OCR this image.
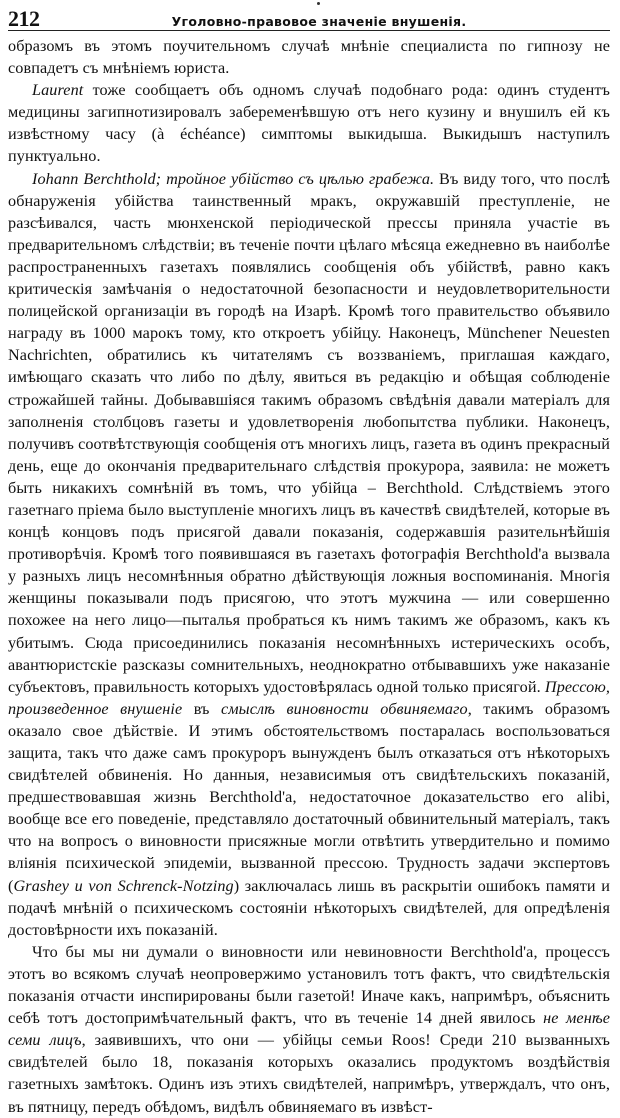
212	Уголовно-правовое значеніе внушенія.

образомъ въ этомъ поучительномъ случаѣ мнѣніе специалиста по гипнозу не совпадетъ съ мнѣніемъ юриста.

Laurent тоже сообщаетъ объ одномъ случаѣ подобнаго рода: одинъ студентъ медицины загипнотизировалъ забеременѣвшую отъ него кузину и внушилъ ей къ извѣстному часу (à échéance) симптомы выкидыша. Выкидышъ наступилъ пунктуально.

Iohann Berchthold; тройное убійство съ цѣлью грабежа. Въ виду того, что послѣ обнаруженія убійства таинственный мракъ, окружавшій преступленіе, не разсѣивался, часть мюнхенской періодической прессы приняла участіе въ предварительномъ слѣдствіи; въ теченіе почти цѣлаго мѣсяца ежедневно въ наиболѣе распространенныхъ газетахъ появлялись сообщенія объ убійствѣ, равно какъ критическія замѣчанія о недостаточной безопасности и неудовлетворительности полицейской организаціи въ городѣ на Изарѣ. Кромѣ того правительство объявило награду въ 1000 марокъ тому, кто откроетъ убійцу. Наконецъ, Münchener Neuesten Nachrichten, обратились къ читателямъ съ воззваніемъ, приглашая каждаго, имѣющаго сказать что либо по дѣлу, явиться въ редакцію и обѣщая соблюденіе строжайшей тайны. Добывавшіяся такимъ образомъ свѣдѣнія давали матеріалъ для заполненія столбцовъ газеты и удовлетворенія любопытства публики. Наконецъ, получивъ соотвѣтствующія сообщенія отъ многихъ лицъ, газета въ одинъ прекрасный день, еще до окончанія предварительнаго слѣдствія прокурора, заявила: не можетъ быть никакихъ сомнѣній въ томъ, что убійца – Berchthold. Слѣдствіемъ этого газетнаго пріема было выступленіе многихъ лицъ въ качествѣ свидѣтелей, которые въ концѣ концовъ подъ присягой давали показанія, содержавшія разительнѣйшія противорѣчія. Кромѣ того появившаяся въ газетахъ фотографія Berchthold'а вызвала у разныхъ лицъ несомнѣнныя обратно дѣйствующія ложныя воспоминанія. Многія женщины показывали подъ присягою, что этотъ мужчина — или совершенно похожее на него лицо—пыталья пробраться къ нимъ такимъ же образомъ, какъ къ убитымъ. Сюда присоединились показанія несомнѣнныхъ истерическихъ особъ, авантюристскіе разсказы сомнительныхъ, неоднократно отбывавшихъ уже наказаніе субъектовъ, правильность которыхъ удостовѣрялась одной только присягой. Прессою, произведенное внушеніе въ смыслѣ виновности обвиняемаго, такимъ образомъ оказало свое дѣйствіе. И этимъ обстоятельствомъ постаралась воспользоваться защита, такъ что даже самъ прокуроръ вынужденъ былъ отказаться отъ нѣкоторыхъ свидѣтелей обвиненія. Но данныя, независимыя отъ свидѣтельскихъ показаній, предшествовавшая жизнь Berchthold'а, недостаточное доказательство его alibi, вообще все его поведеніе, представляло достаточный обвинительный матеріалъ, такъ что на вопросъ о виновности присяжные могли отвѣтить утвердительно и помимо вліянія психической эпидеміи, вызванной прессою. Трудность задачи экспертовъ (Grashey и von Schrenck-Notzing) заключалась лишь въ раскрытіи ошибокъ памяти и подачѣ мнѣній о психическомъ состояніи нѣкоторыхъ свидѣтелей, для опредѣленія достовѣрности ихъ показаній.

Что бы мы ни думали о виновности или невиновности Berchthold'а, процессъ этотъ во всякомъ случаѣ неопровержимо установилъ тотъ фактъ, что свидѣтельскія показанія отчасти инспирированы были газетой! Иначе какъ, напримѣръ, объяснить себѣ тотъ достопримѣчательный фактъ, что въ теченіе 14 дней явилось не менѣе семи лицъ, заявившихъ, что они — убійцы семьи Roos! Среди 210 вызванныхъ свидѣтелей было 18, показанія которыхъ оказались продуктомъ воздѣйствія газетныхъ замѣтокъ. Одинъ изъ этихъ свидѣтелей, напримѣръ, утверждалъ, что онъ, въ пятницу, передъ обѣдомъ, видѣлъ обвиняемаго въ извѣст-
